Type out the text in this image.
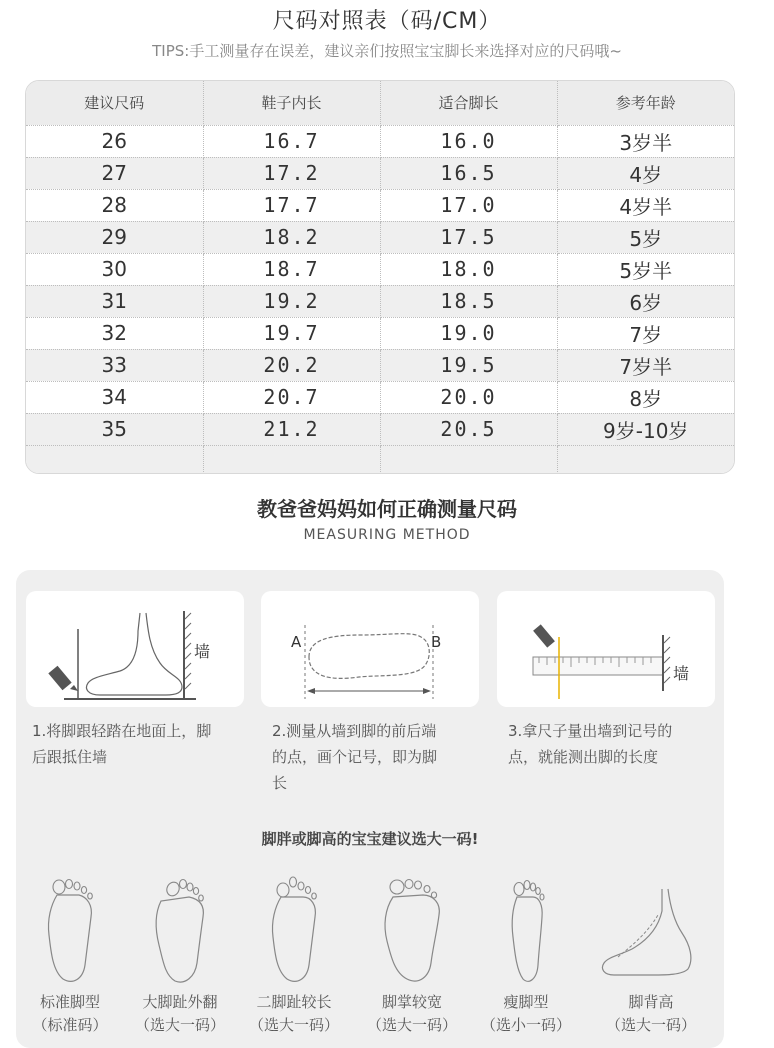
尺码对照表（码/CM）
TIPS:手工测量存在误差，建议亲们按照宝宝脚长来选择对应的尺码哦~
建议尺码	鞋子内长	适合脚长	参考年龄
26	16.7	16.0	3岁半
27	17.2	16.5	4岁
28	17.7	17.0	4岁半
29	18.2	17.5	5岁
30	18.7	18.0	5岁半
31	19.2	18.5	6岁
32	19.7	19.0	7岁
33	20.2	19.5	7岁半
34	20.7	20.0	8岁
35	21.2	20.5	9岁-10岁

教爸爸妈妈如何正确测量尺码
MEASURING METHOD
墙	A	B
墙
1.将脚跟轻踏在地面上，脚
后跟抵住墙
2.测量从墙到脚的前后端
的点，画个记号，即为脚
长
3.拿尺子量出墙到记号的
点，就能测出脚的长度
脚胖或脚高的宝宝建议选大一码!
标准脚型
（标准码）
大脚趾外翻
（选大一码）
二脚趾较长
（选大一码）
脚掌较宽
（选大一码）
瘦脚型
（选小一码）
脚背高
（选大一码）
